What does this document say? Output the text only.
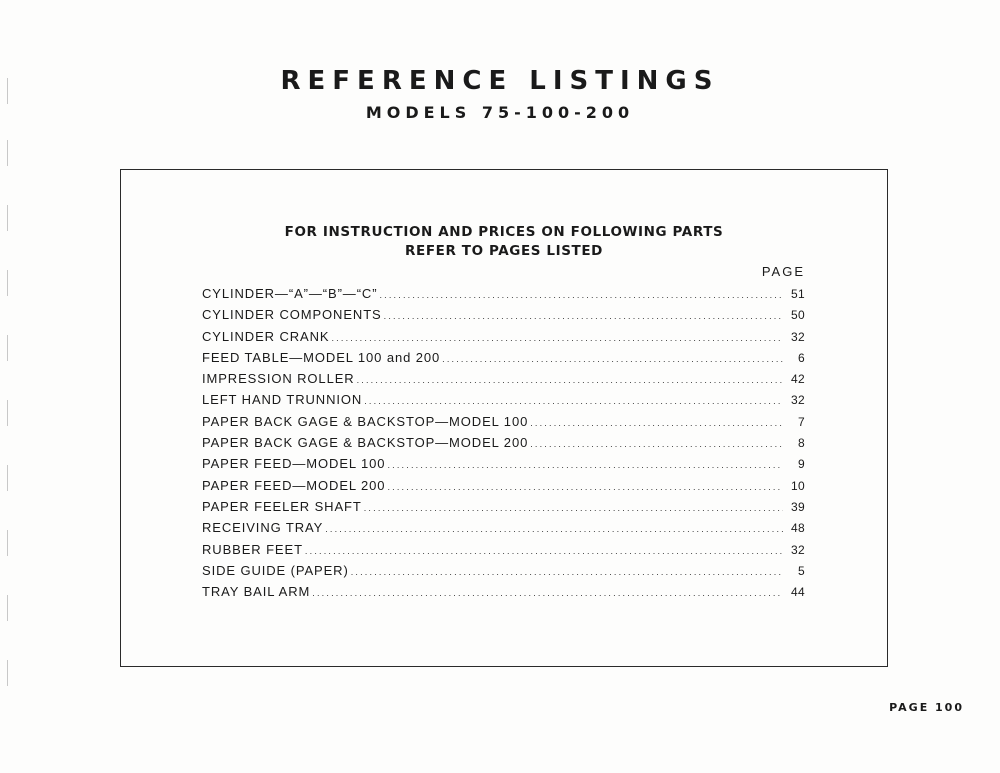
REFERENCE LISTINGS
MODELS 75-100-200

FOR INSTRUCTION AND PRICES ON FOLLOWING PARTS

REFER TO PAGES LISTED

PAGE

CYLINDER—“A”—“B”—“C” .....	51
CYLINDER COMPONENTS .....	50
CYLINDER CRANK .....	32
FEED TABLE—MODEL 100 and 200 .....	6
IMPRESSION ROLLER .....	42
LEFT HAND TRUNNION .....	32
PAPER BACK GAGE & BACKSTOP—MODEL 100 .....	7
PAPER BACK GAGE & BACKSTOP—MODEL 200 .....	8
PAPER FEED—MODEL 100 .....	9
PAPER FEED—MODEL 200 .....	10
PAPER FEELER SHAFT .....	39
RECEIVING TRAY .....	48
RUBBER FEET .....	32
SIDE GUIDE (PAPER) .....	5
TRAY BAIL ARM .....	44

PAGE 100
